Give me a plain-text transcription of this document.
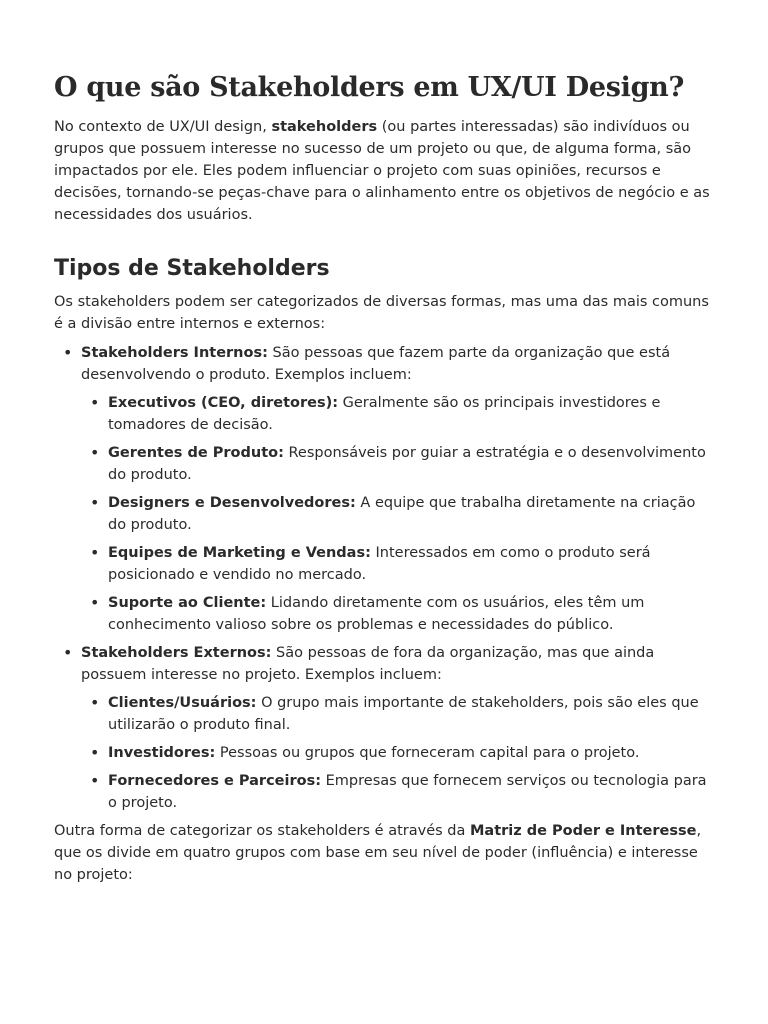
O que são Stakeholders em UX/UI Design?

No contexto de UX/UI design, stakeholders (ou partes interessadas) são indivíduos ou grupos que possuem interesse no sucesso de um projeto ou que, de alguma forma, são impactados por ele. Eles podem influenciar o projeto com suas opiniões, recursos e decisões, tornando-se peças-chave para o alinhamento entre os objetivos de negócio e as necessidades dos usuários.

Tipos de Stakeholders

Os stakeholders podem ser categorizados de diversas formas, mas uma das mais comuns é a divisão entre internos e externos:

• Stakeholders Internos: São pessoas que fazem parte da organização que está desenvolvendo o produto. Exemplos incluem:
• Executivos (CEO, diretores): Geralmente são os principais investidores e tomadores de decisão.
• Gerentes de Produto: Responsáveis por guiar a estratégia e o desenvolvimento do produto.
• Designers e Desenvolvedores: A equipe que trabalha diretamente na criação do produto.
• Equipes de Marketing e Vendas: Interessados em como o produto será posicionado e vendido no mercado.
• Suporte ao Cliente: Lidando diretamente com os usuários, eles têm um conhecimento valioso sobre os problemas e necessidades do público.
• Stakeholders Externos: São pessoas de fora da organização, mas que ainda possuem interesse no projeto. Exemplos incluem:
• Clientes/Usuários: O grupo mais importante de stakeholders, pois são eles que utilizarão o produto final.
• Investidores: Pessoas ou grupos que forneceram capital para o projeto.
• Fornecedores e Parceiros: Empresas que fornecem serviços ou tecnologia para o projeto.

Outra forma de categorizar os stakeholders é através da Matriz de Poder e Interesse, que os divide em quatro grupos com base em seu nível de poder (influência) e interesse no projeto:
